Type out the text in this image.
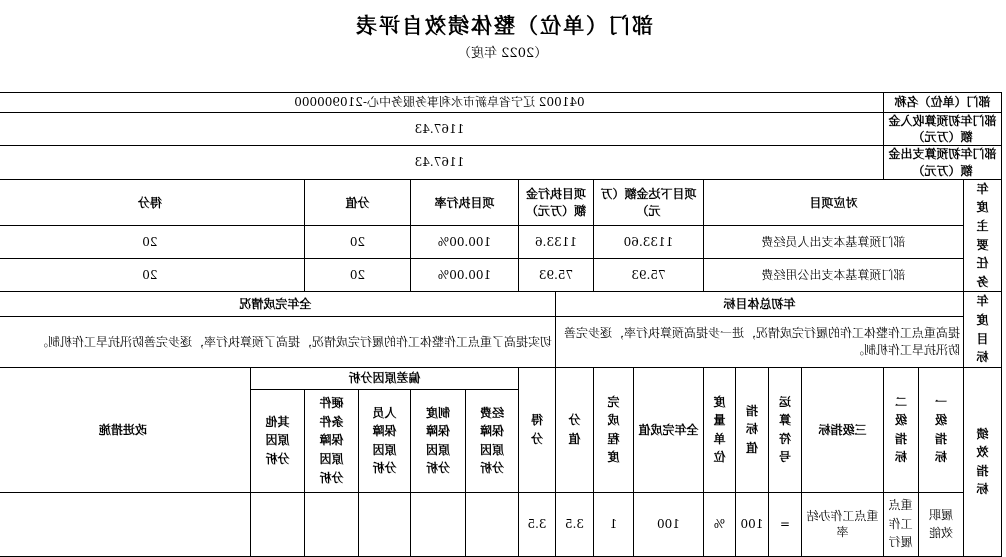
部门（单位）整体绩效自评表
（2022 年度）
部门（单位）名称			041002 辽宁省阜新市水利事务服务中心-210900000													
部门年初预算收入金额（万元）			1167.43													
部门年初预算支出金额（万元）			1167.43													
年度主要任务	对应项目						项目下达金额（万元）		项目执行金额（万元）		项目执行率		分值		得分	
	部门预算基本支出人员经费						1133.60		1133.6		100.00%		20		20	
	部门预算基本支出公用经费						75.93		75.93		100.00%		20		20	
年度目标	年初总体目标									全年完成情况						
	提高重点工作整体工作的履行完成情况，进一步提高预算执行率，逐步完善防汛抗旱工作机制。									切实提高了重点工作整体工作的履行完成情况，提高了预算执行率，逐步完善防汛抗旱工作机制。						
绩效指标	一级指标	二级指标	三级指标	运算符号	指标值	度量单位	全年完成值	完成程度	分值	得分	偏差原因分析					改进措施
											经费保障原因分析	制度保障原因分析	人员保障原因分析	硬件条件保障原因分析	其他原因分析	
	履职效能	重点工作履行	重点工作办结率	=	100	%	100	1	3.5	3.5						
